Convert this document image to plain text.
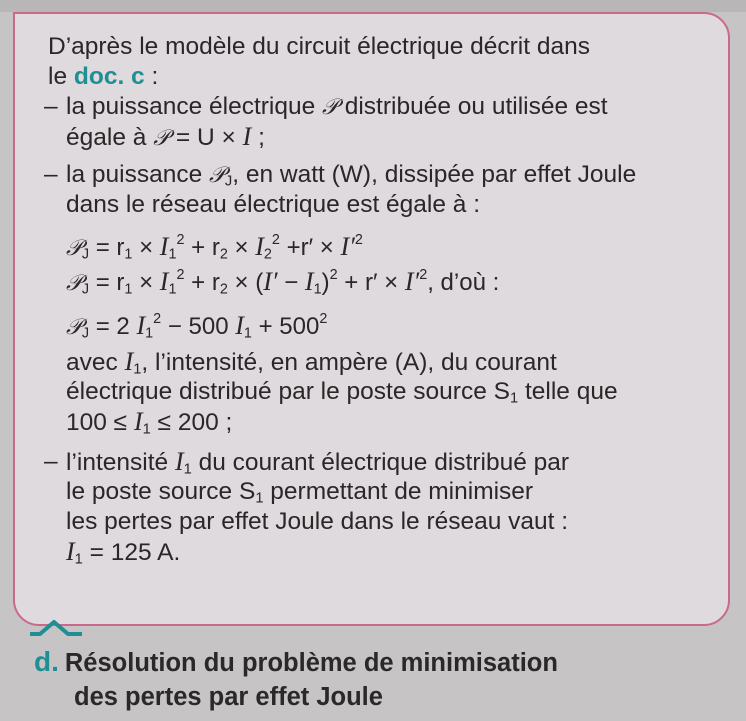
D’après le modèle du circuit électrique décrit dans
le doc. c :
– la puissance électrique 𝒫 distribuée ou utilisée est
égale à 𝒫 = U × I ;
– la puissance 𝒫$_J$, en watt (W), dissipée par effet Joule
dans le réseau électrique est égale à :
𝒫$_J$ = $r_1 \times I_1^2 + r_2 \times I_2^2 +r' \times I'^2$
𝒫$_J$ = $r_1 \times I_1^2 + r_2 \times (I' - I_1)^2 + r' \times I'^2$, d’où :
𝒫$_J$ = 2 $I_1^2 - 500$ $I_1 + 500^2$
avec $I_1$, l’intensité, en ampère (A), du courant
électrique distribué par le poste source $S_1$ telle que
$100 \le I_1 \le 200$ ;
– l’intensité $I_1$ du courant électrique distribué par
le poste source $S_1$ permettant de minimiser
les pertes par effet Joule dans le réseau vaut :
$I_1 = 125$ A.
d. Résolution du problème de minimisation
des pertes par effet Joule
